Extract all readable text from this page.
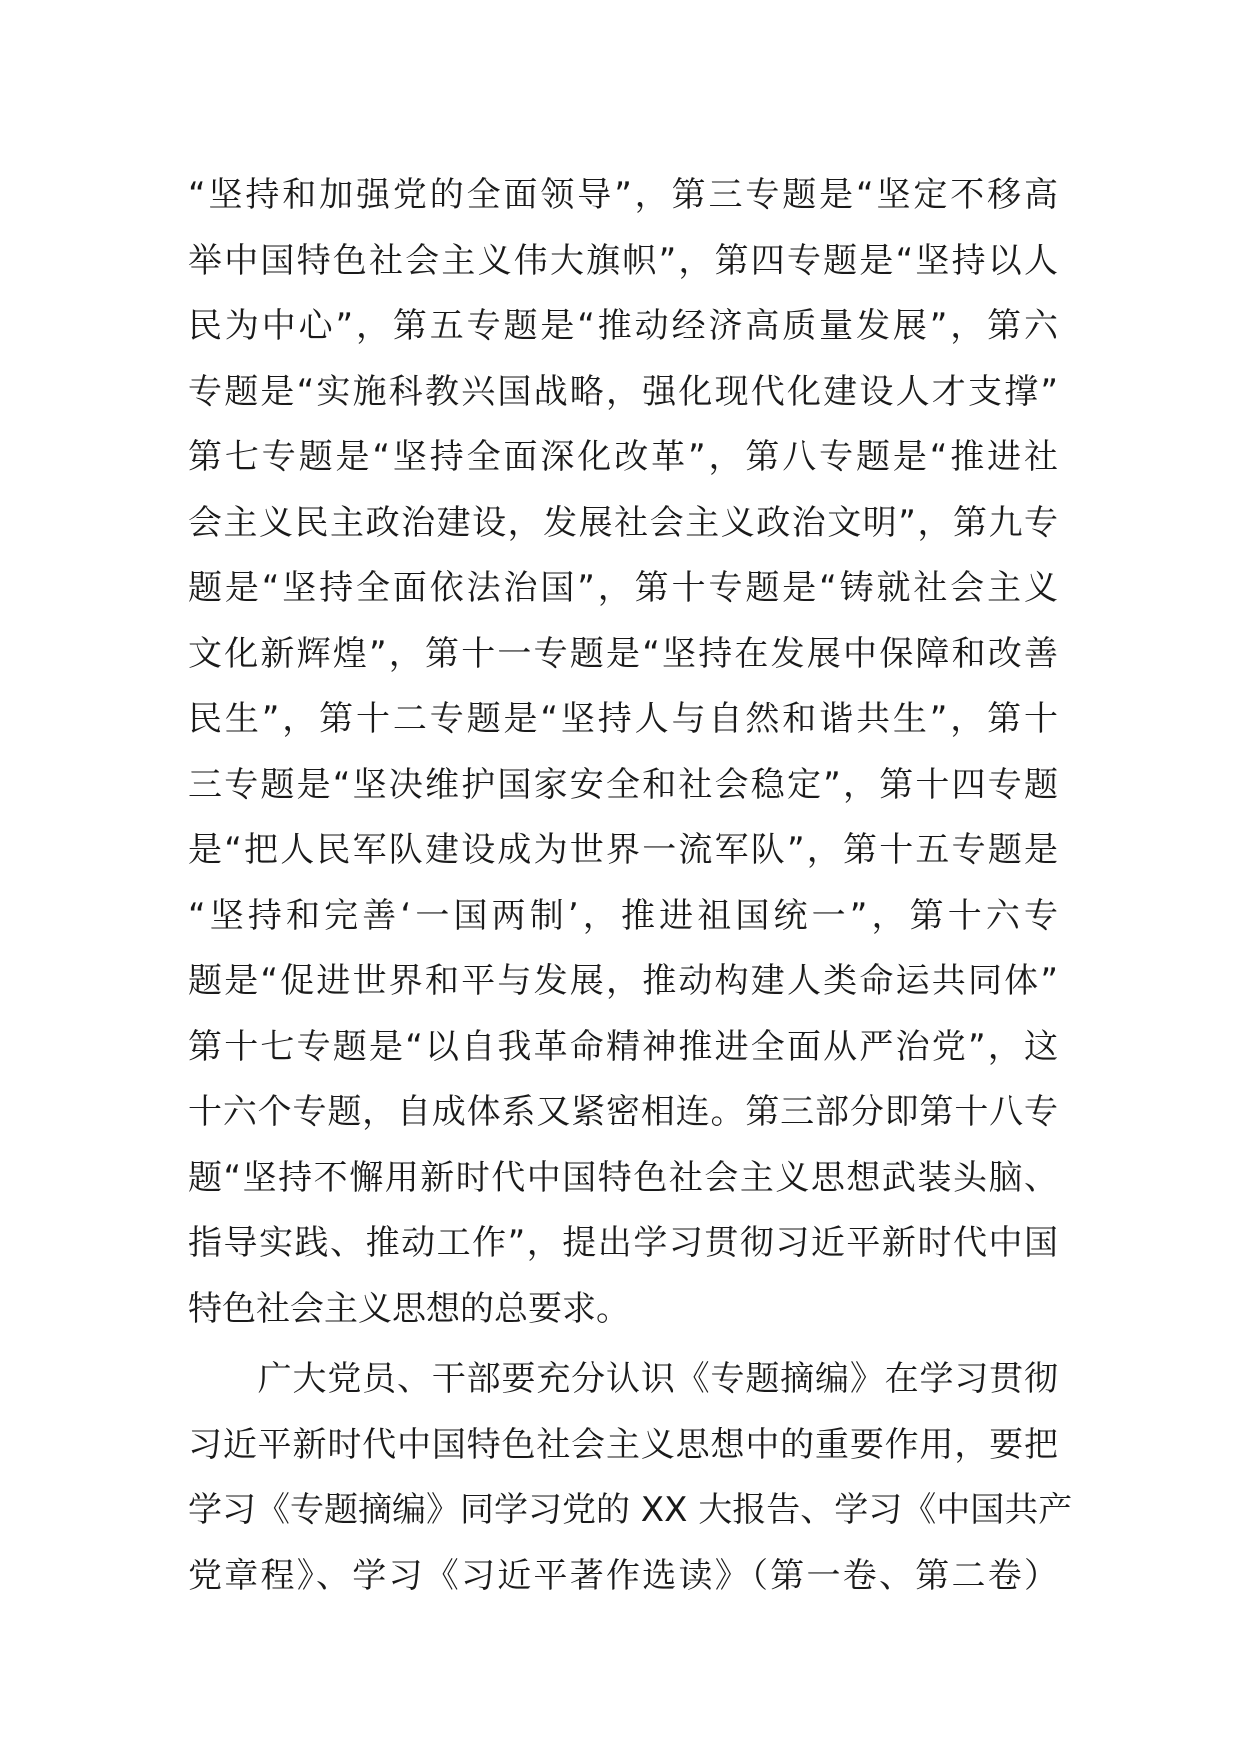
“坚持和加强党的全面领导”，第三专题是“坚定不移高
举中国特色社会主义伟大旗帜”，第四专题是“坚持以人
民为中心”，第五专题是“推动经济高质量发展”，第六
专题是“实施科教兴国战略，强化现代化建设人才支撑”
第七专题是“坚持全面深化改革”，第八专题是“推进社
会主义民主政治建设，发展社会主义政治文明”，第九专
题是“坚持全面依法治国”，第十专题是“铸就社会主义
文化新辉煌”，第十一专题是“坚持在发展中保障和改善
民生”，第十二专题是“坚持人与自然和谐共生”，第十
三专题是“坚决维护国家安全和社会稳定”，第十四专题
是“把人民军队建设成为世界一流军队”，第十五专题是
“坚持和完善‘一国两制’，推进祖国统一”，第十六专
题是“促进世界和平与发展，推动构建人类命运共同体”
第十七专题是“以自我革命精神推进全面从严治党”，这
十六个专题，自成体系又紧密相连。第三部分即第十八专
题“坚持不懈用新时代中国特色社会主义思想武装头脑、
指导实践、推动工作”，提出学习贯彻习近平新时代中国
特色社会主义思想的总要求。
　　广大党员、干部要充分认识《专题摘编》在学习贯彻
习近平新时代中国特色社会主义思想中的重要作用，要把
学习《专题摘编》同学习党的 XX 大报告、学习《中国共产
党章程》、学习《习近平著作选读》（第一卷、第二卷）
